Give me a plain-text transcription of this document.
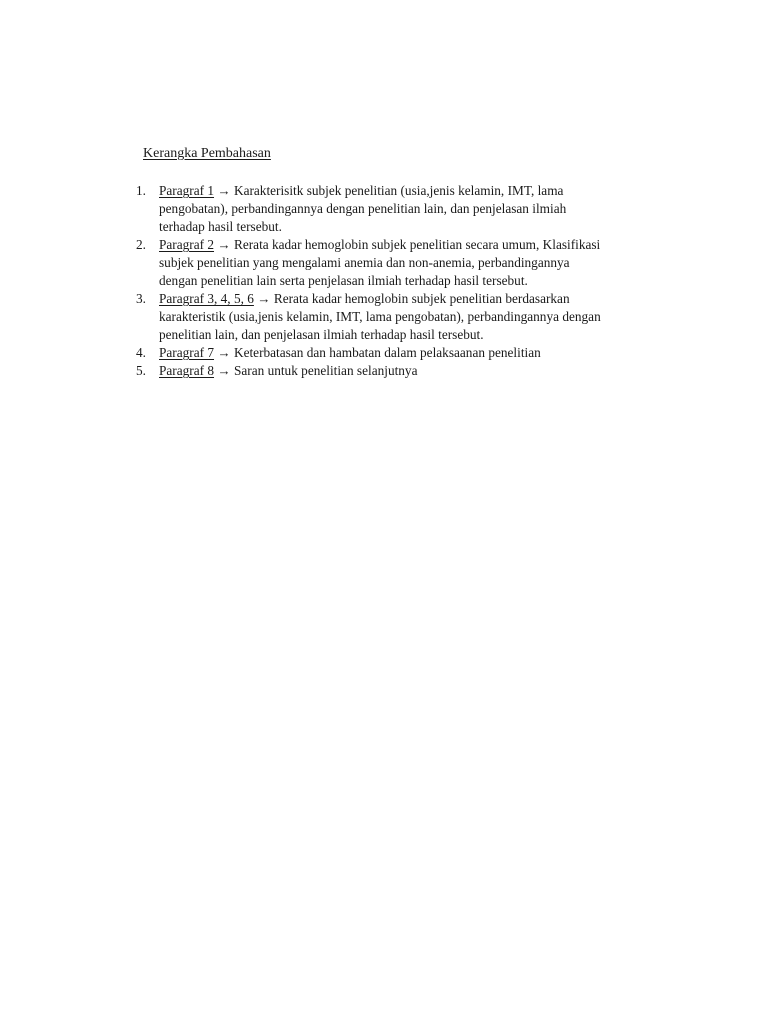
Kerangka Pembahasan
1. Paragraf 1 → Karakterisitk subjek penelitian (usia,jenis kelamin, IMT, lama
pengobatan), perbandingannya dengan penelitian lain, dan penjelasan ilmiah
terhadap hasil tersebut.
2. Paragraf 2 → Rerata kadar hemoglobin subjek penelitian secara umum, Klasifikasi
subjek penelitian yang mengalami anemia dan non-anemia, perbandingannya
dengan penelitian lain serta penjelasan ilmiah terhadap hasil tersebut.
3. Paragraf 3, 4, 5, 6 → Rerata kadar hemoglobin subjek penelitian berdasarkan
karakteristik (usia,jenis kelamin, IMT, lama pengobatan), perbandingannya dengan
penelitian lain, dan penjelasan ilmiah terhadap hasil tersebut.
4. Paragraf 7 → Keterbatasan dan hambatan dalam pelaksaanan penelitian
5. Paragraf 8 → Saran untuk penelitian selanjutnya
